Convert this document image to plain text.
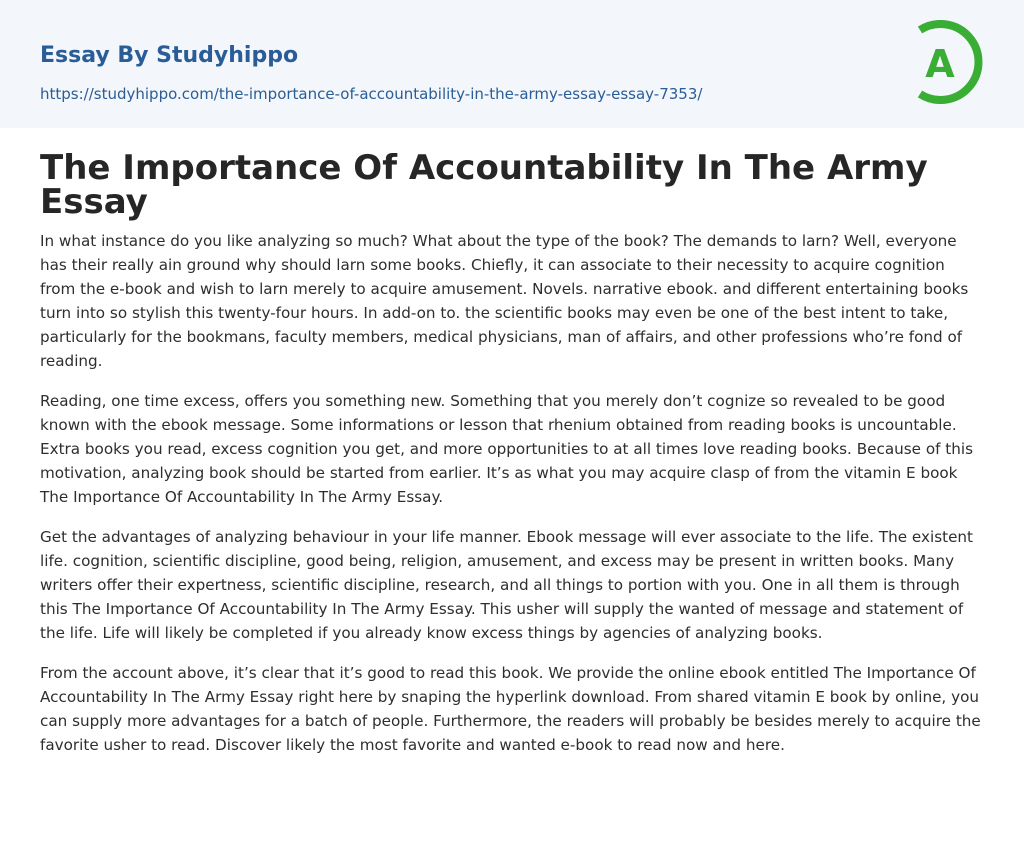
Essay By Studyhippo
https://studyhippo.com/the-importance-of-accountability-in-the-army-essay-essay-7353/
A
The Importance Of Accountability In The Army Essay

In what instance do you like analyzing so much? What about the type of the book? The demands to larn? Well, everyone has their really ain ground why should larn some books. Chiefly, it can associate to their necessity to acquire cognition from the e-book and wish to larn merely to acquire amusement. Novels. narrative ebook. and different entertaining books turn into so stylish this twenty-four hours. In add-on to. the scientific books may even be one of the best intent to take, particularly for the bookmans, faculty members, medical physicians, man of affairs, and other professions who’re fond of reading.

Reading, one time excess, offers you something new. Something that you merely don’t cognize so revealed to be good known with the ebook message. Some informations or lesson that rhenium obtained from reading books is uncountable. Extra books you read, excess cognition you get, and more opportunities to at all times love reading books. Because of this motivation, analyzing book should be started from earlier. It’s as what you may acquire clasp of from the vitamin E book The Importance Of Accountability In The Army Essay.

Get the advantages of analyzing behaviour in your life manner. Ebook message will ever associate to the life. The existent life. cognition, scientific discipline, good being, religion, amusement, and excess may be present in written books. Many writers offer their expertness, scientific discipline, research, and all things to portion with you. One in all them is through this The Importance Of Accountability In The Army Essay. This usher will supply the wanted of message and statement of the life. Life will likely be completed if you already know excess things by agencies of analyzing books.

From the account above, it’s clear that it’s good to read this book. We provide the online ebook entitled The Importance Of Accountability In The Army Essay right here by snaping the hyperlink download. From shared vitamin E book by online, you can supply more advantages for a batch of people. Furthermore, the readers will probably be besides merely to acquire the favorite usher to read. Discover likely the most favorite and wanted e-book to read now and here.
